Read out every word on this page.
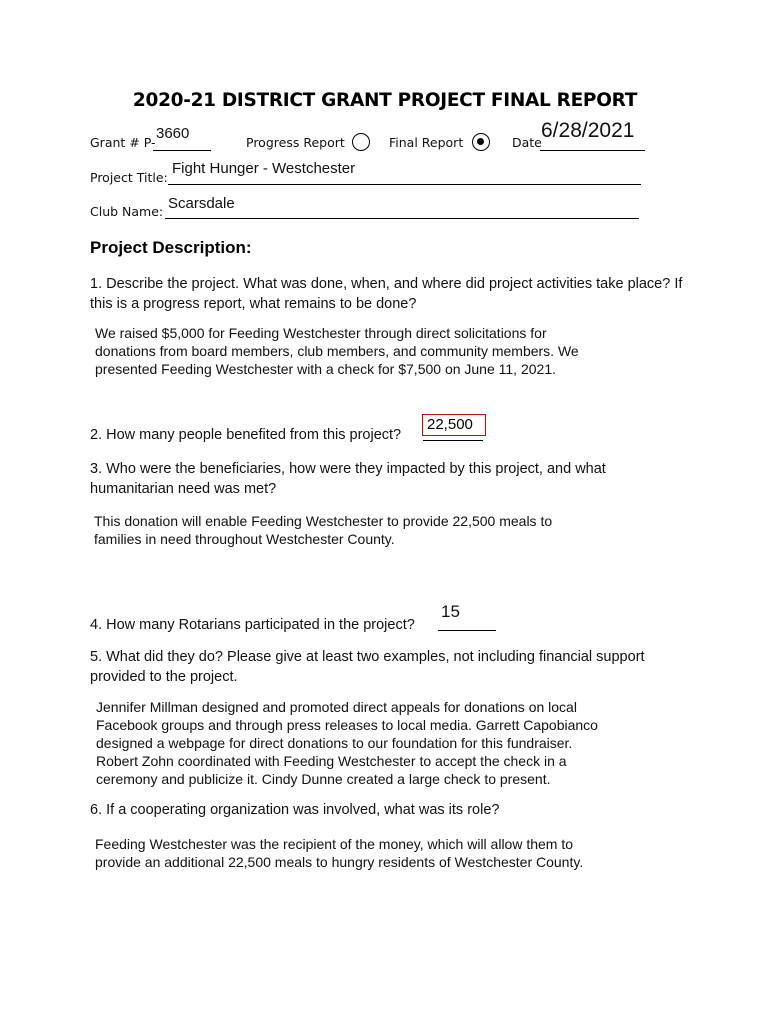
2020-21 DISTRICT GRANT PROJECT FINAL REPORT
Grant # P-
3660
Progress Report	Final Report	Date
6/28/2021
Project Title:
Fight Hunger - Westchester
Club Name: Scarsdale
Project Description:
1. Describe the project. What was done, when, and where did project activities take place? If this is a progress report, what remains to be done?
We raised $5,000 for Feeding Westchester through direct solicitations for
donations from board members, club members, and community members. We
presented Feeding Westchester with a check for $7,500 on June 11, 2021.
2. How many people benefited from this project?
22,500
3. Who were the beneficiaries, how were they impacted by this project, and what humanitarian need was met?
This donation will enable Feeding Westchester to provide 22,500 meals to
families in need throughout Westchester County.
4. How many Rotarians participated in the project?
15
5. What did they do? Please give at least two examples, not including financial support provided to the project.
Jennifer Millman designed and promoted direct appeals for donations on local
Facebook groups and through press releases to local media. Garrett Capobianco
designed a webpage for direct donations to our foundation for this fundraiser.
Robert Zohn coordinated with Feeding Westchester to accept the check in a
ceremony and publicize it. Cindy Dunne created a large check to present.
6. If a cooperating organization was involved, what was its role?
Feeding Westchester was the recipient of the money, which will allow them to
provide an additional 22,500 meals to hungry residents of Westchester County.
